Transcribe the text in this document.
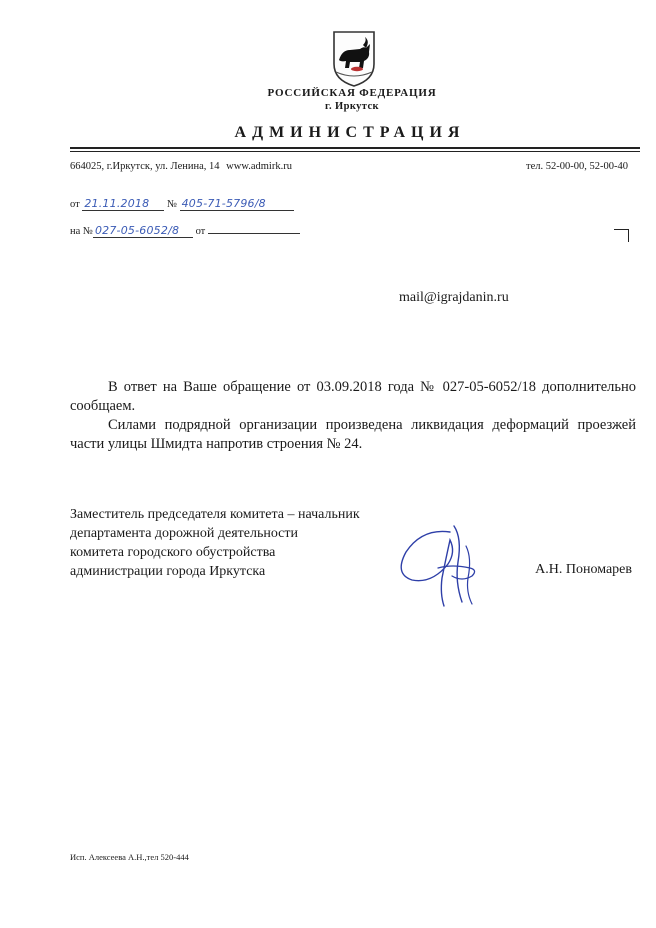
РОССИЙСКАЯ ФЕДЕРАЦИЯ
г. Иркутск
АДМИНИСТРАЦИЯ
664025, г.Иркутск, ул. Ленина, 14 www.admirk.ru	тел. 52-00-00, 52-00-40
от 21.11.2018 № 405-71-5796/8
на № 027-05-6052/8 от
mail@igrajdanin.ru

В ответ на Ваше обращение от 03.09.2018 года № 027-05-6052/18 дополнительно сообщаем.

Силами подрядной организации произведена ликвидация деформаций проезжей части улицы Шмидта напротив строения № 24.

Заместитель председателя комитета – начальник
департамента дорожной деятельности
комитета городского обустройства
администрации города Иркутска	А.Н. Пономарев
Исп. Алексеева А.Н.,тел 520-444
